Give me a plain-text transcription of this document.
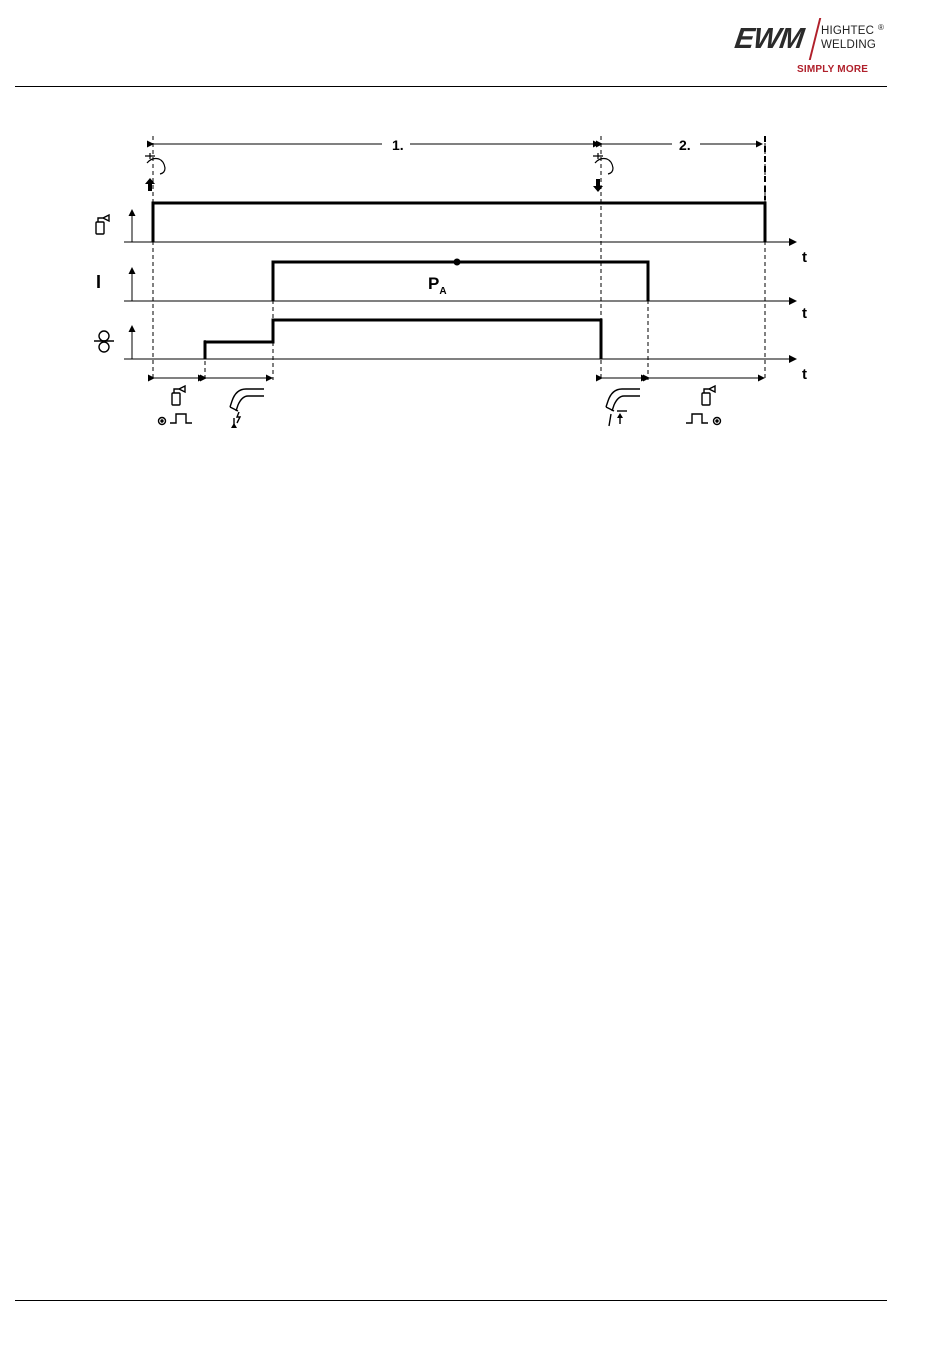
EWM HIGHTEC ®
WELDING
SIMPLY MORE
1.	2.
t
I
t
$P_A$
t
